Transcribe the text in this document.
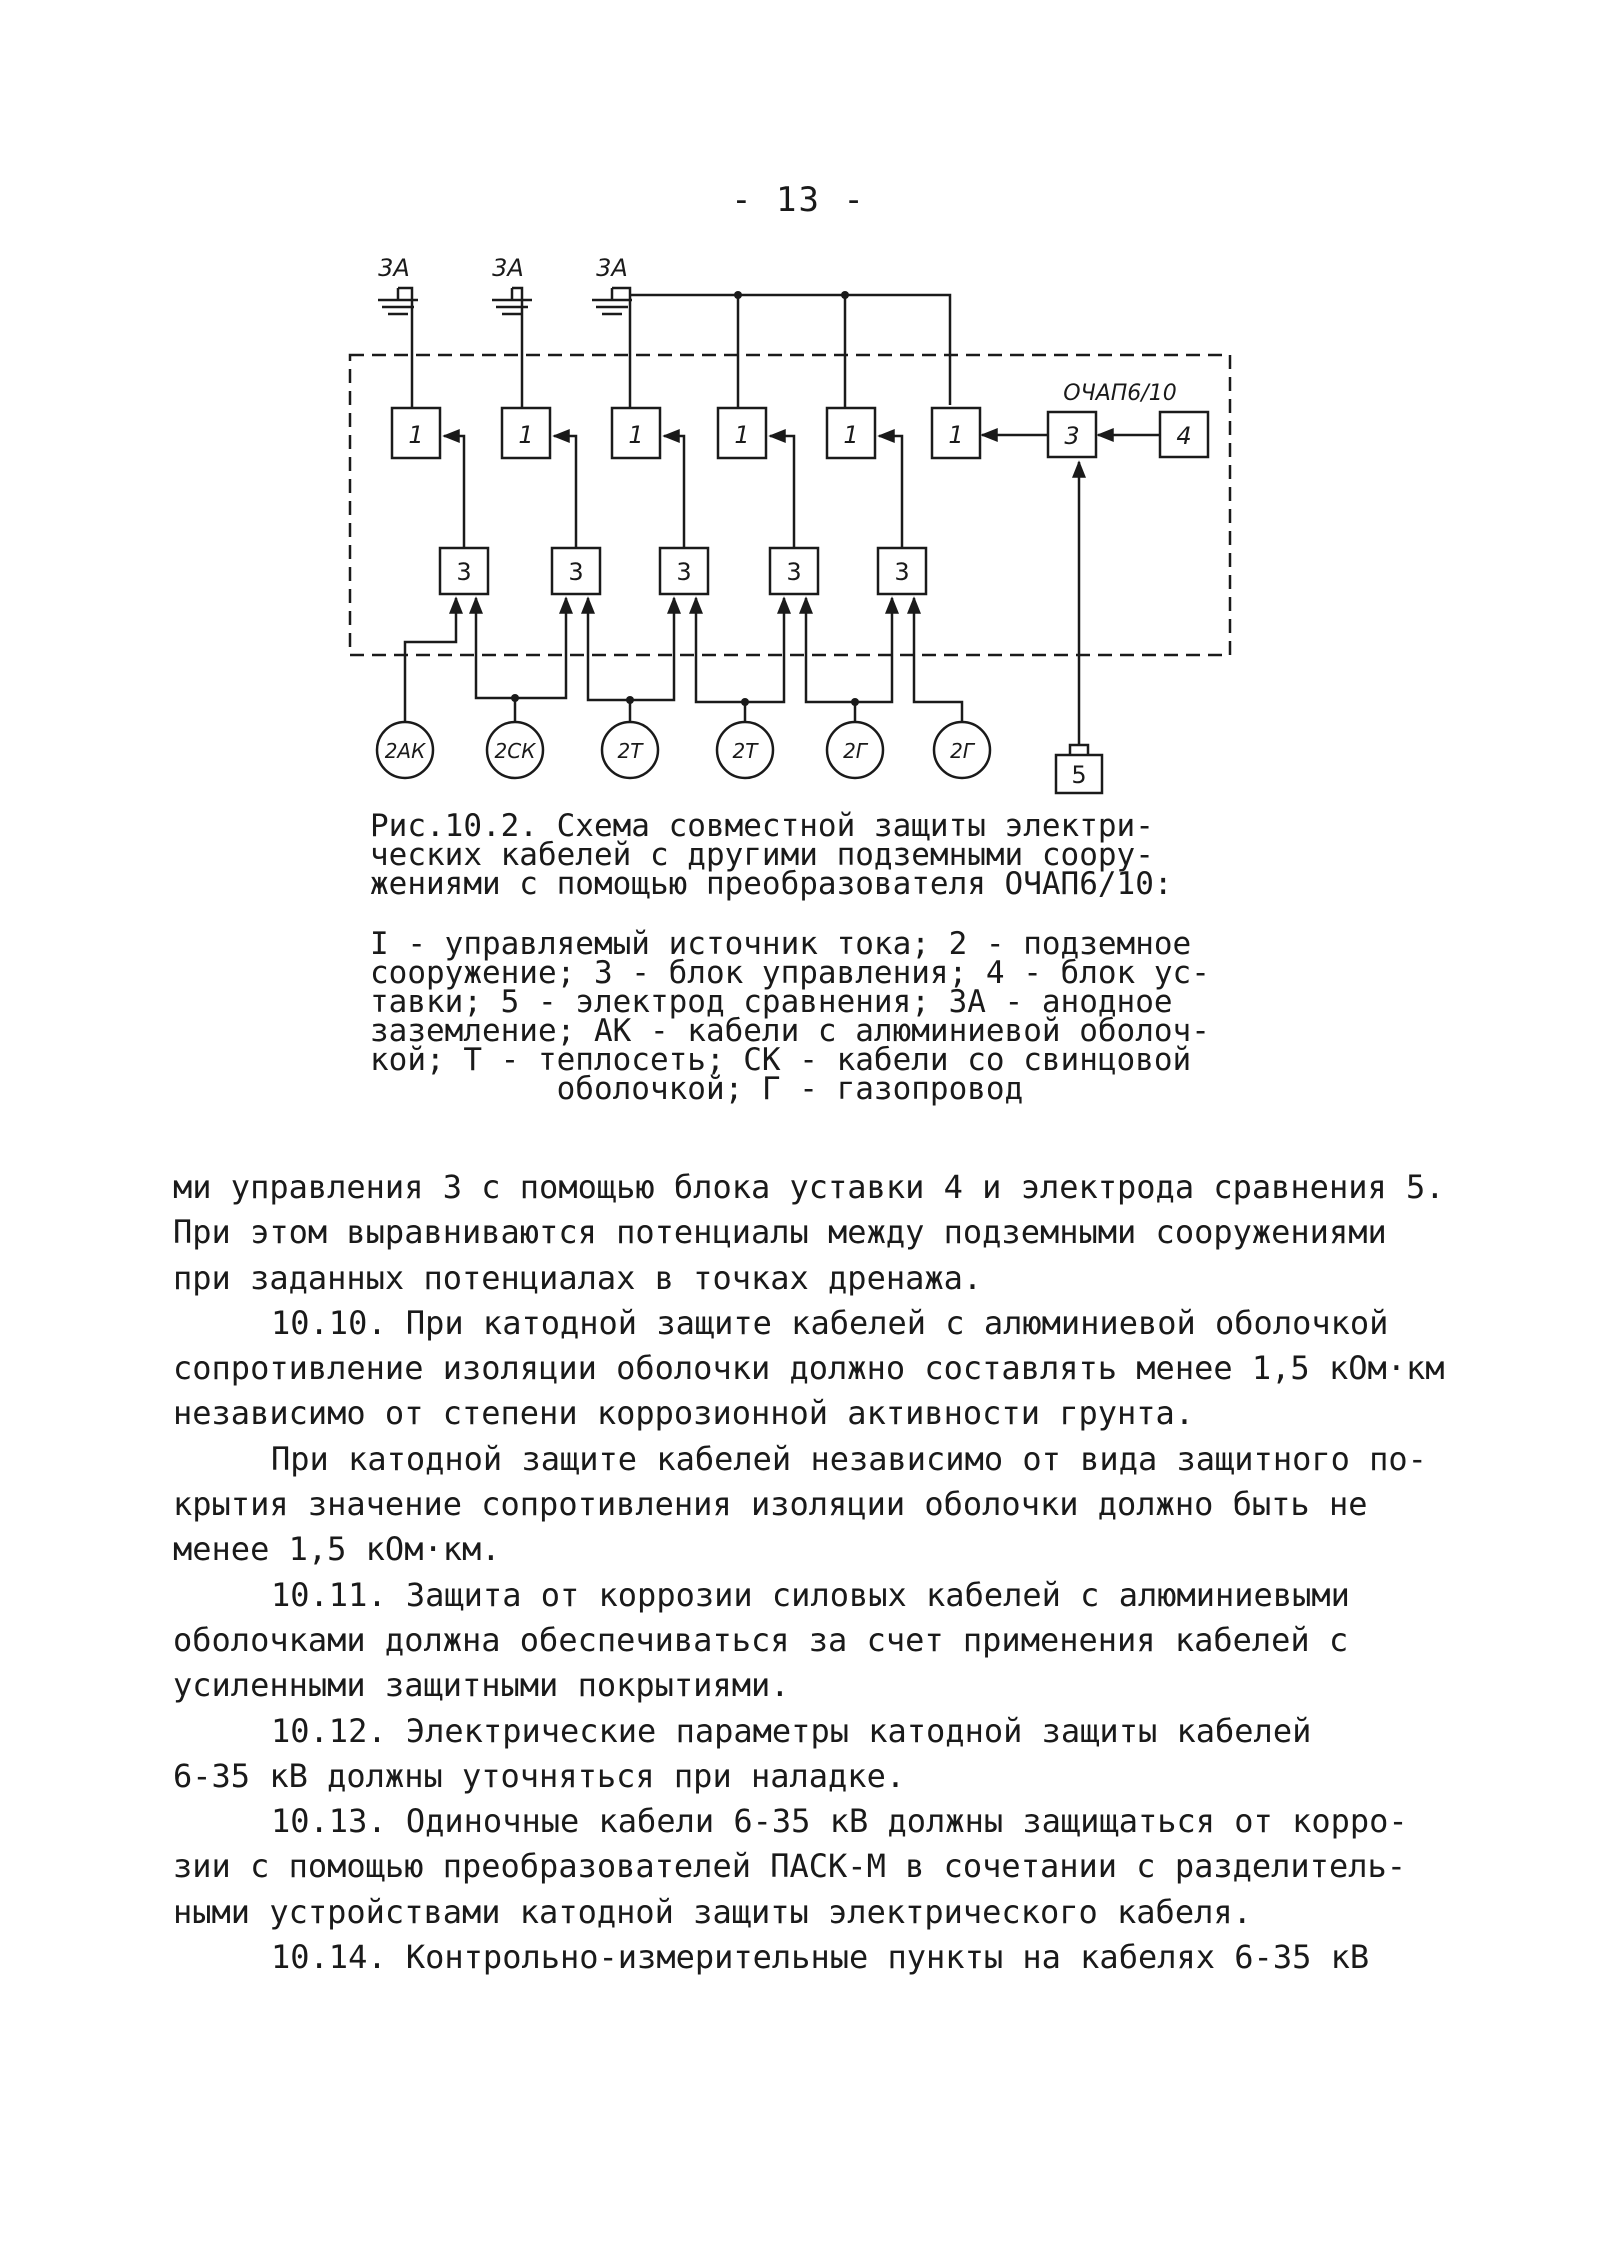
- 13 -
3A	3A	3A
ОЧАП6/10
1	1	1	1	1	1	3	4
5
3	3	3	3	3
2АК	2СК	2Т	2Т	2Г	2Г
Рис.10.2. Схема совместной защиты электри-
ческих кабелей с другими подземными соору-
жениями с помощью преобразователя ОЧАП6/10:
I - управляемый источник тока; 2 - подземное
сооружение; 3 - блок управления; 4 - блок ус-
тавки; 5 - электрод сравнения; 3А - анодное
заземление; АК - кабели с алюминиевой оболоч-
кой; Т - теплосеть; СК - кабели со свинцовой
оболочкой; Г - газопровод
ми управления 3 с помощью блока уставки 4 и электрода сравнения 5.
При этом выравниваются потенциалы между подземными сооружениями
при заданных потенциалах в точках дренажа.
10.10. При катодной защите кабелей с алюминиевой оболочкой
сопротивление изоляции оболочки должно составлять менее 1,5 кОм·км
независимо от степени коррозионной активности грунта.
При катодной защите кабелей независимо от вида защитного по-
крытия значение сопротивления изоляции оболочки должно быть не
менее 1,5 кОм·км.
10.11. Защита от коррозии силовых кабелей с алюминиевыми
оболочками должна обеспечиваться за счет применения кабелей с
усиленными защитными покрытиями.
10.12. Электрические параметры катодной защиты кабелей
6-35 кВ должны уточняться при наладке.
10.13. Одиночные кабели 6-35 кВ должны защищаться от корро-
зии с помощью преобразователей ПАСК-М в сочетании с разделитель-
ными устройствами катодной защиты электрического кабеля.
10.14. Контрольно-измерительные пункты на кабелях 6-35 кВ
